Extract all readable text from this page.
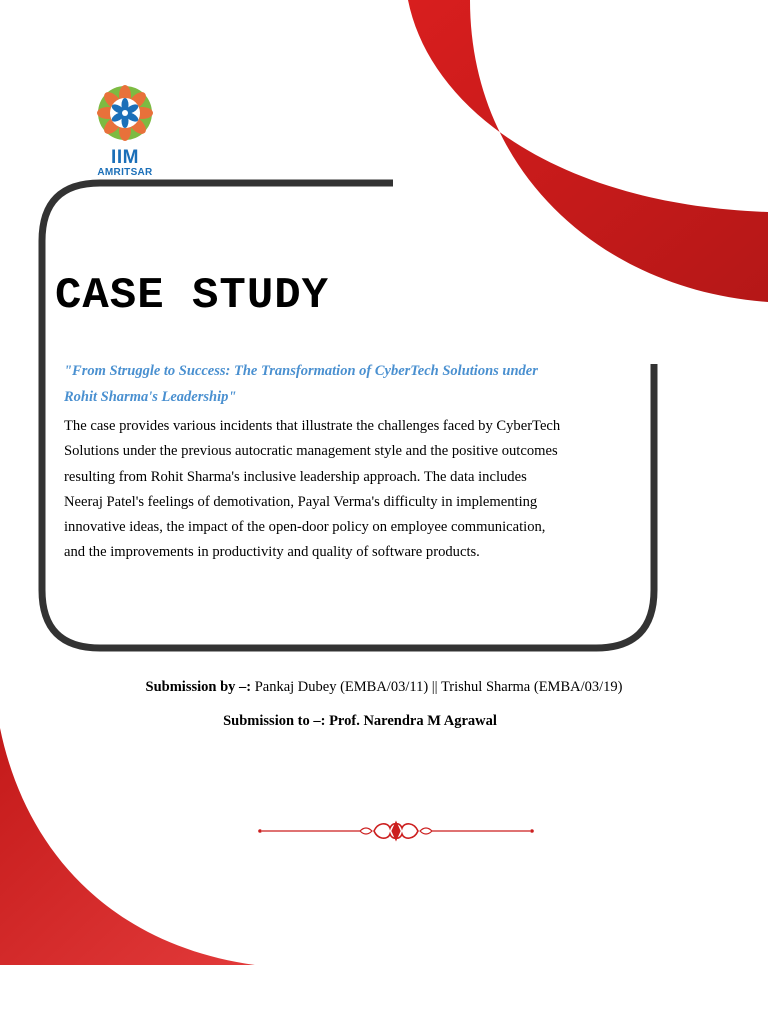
IIM
AMRITSAR
CASE STUDY

"From Struggle to Success: The Transformation of CyberTech Solutions under Rohit Sharma's Leadership"

The case provides various incidents that illustrate the challenges faced by CyberTech Solutions under the previous autocratic management style and the positive outcomes resulting from Rohit Sharma's inclusive leadership approach. The data includes Neeraj Patel's feelings of demotivation, Payal Verma's difficulty in implementing innovative ideas, the impact of the open-door policy on employee communication, and the improvements in productivity and quality of software products.

Submission by –: Pankaj Dubey (EMBA/03/11) || Trishul Sharma (EMBA/03/19)

Submission to –: Prof. Narendra M Agrawal
